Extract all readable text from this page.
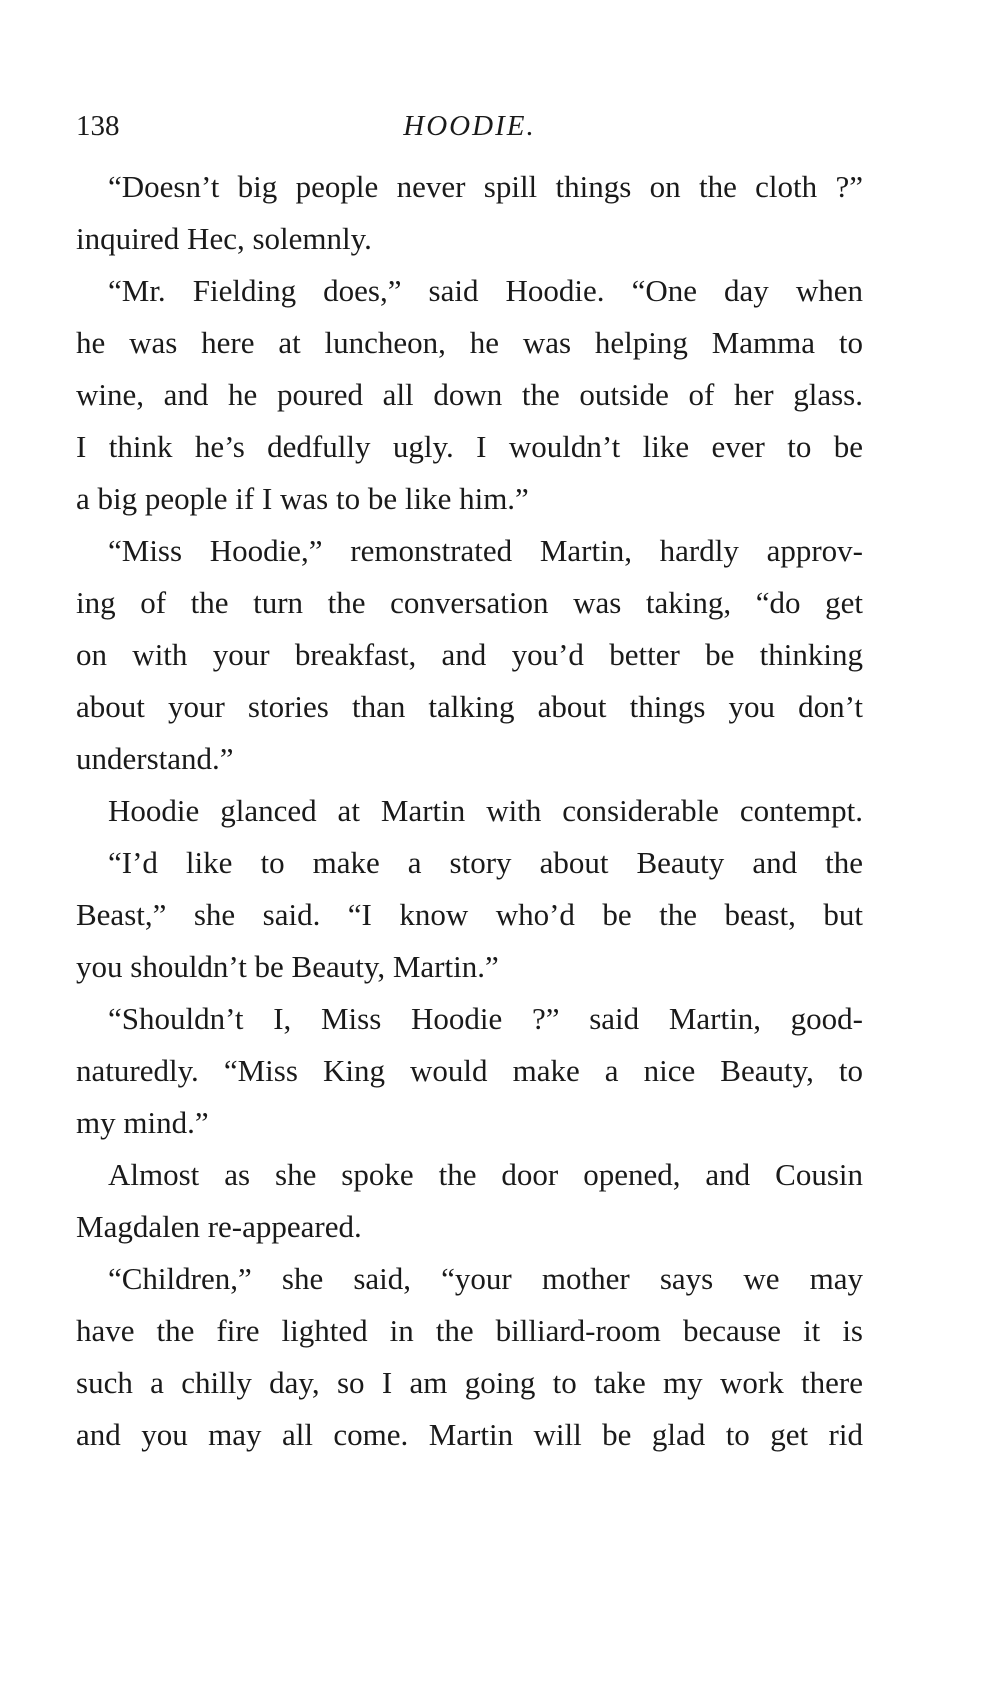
138	HOODIE.
“Doesn’t big people never spill things on the cloth ?”
inquired Hec, solemnly.
“Mr. Fielding does,” said Hoodie. “One day when
he was here at luncheon, he was helping Mamma to
wine, and he poured all down the outside of her glass.
I think he’s dedfully ugly. I wouldn’t like ever to be
a big people if I was to be like him.”
“Miss Hoodie,” remonstrated Martin, hardly approv-
ing of the turn the conversation was taking, “do get
on with your breakfast, and you’d better be thinking
about your stories than talking about things you don’t
understand.”
Hoodie glanced at Martin with considerable contempt.
“I’d like to make a story about Beauty and the
Beast,” she said. “I know who’d be the beast, but
you shouldn’t be Beauty, Martin.”
“Shouldn’t I, Miss Hoodie ?” said Martin, good-
naturedly. “Miss King would make a nice Beauty, to
my mind.”
Almost as she spoke the door opened, and Cousin
Magdalen re-appeared.
“Children,” she said, “your mother says we may
have the fire lighted in the billiard-room because it is
such a chilly day, so I am going to take my work there
and you may all come. Martin will be glad to get rid
